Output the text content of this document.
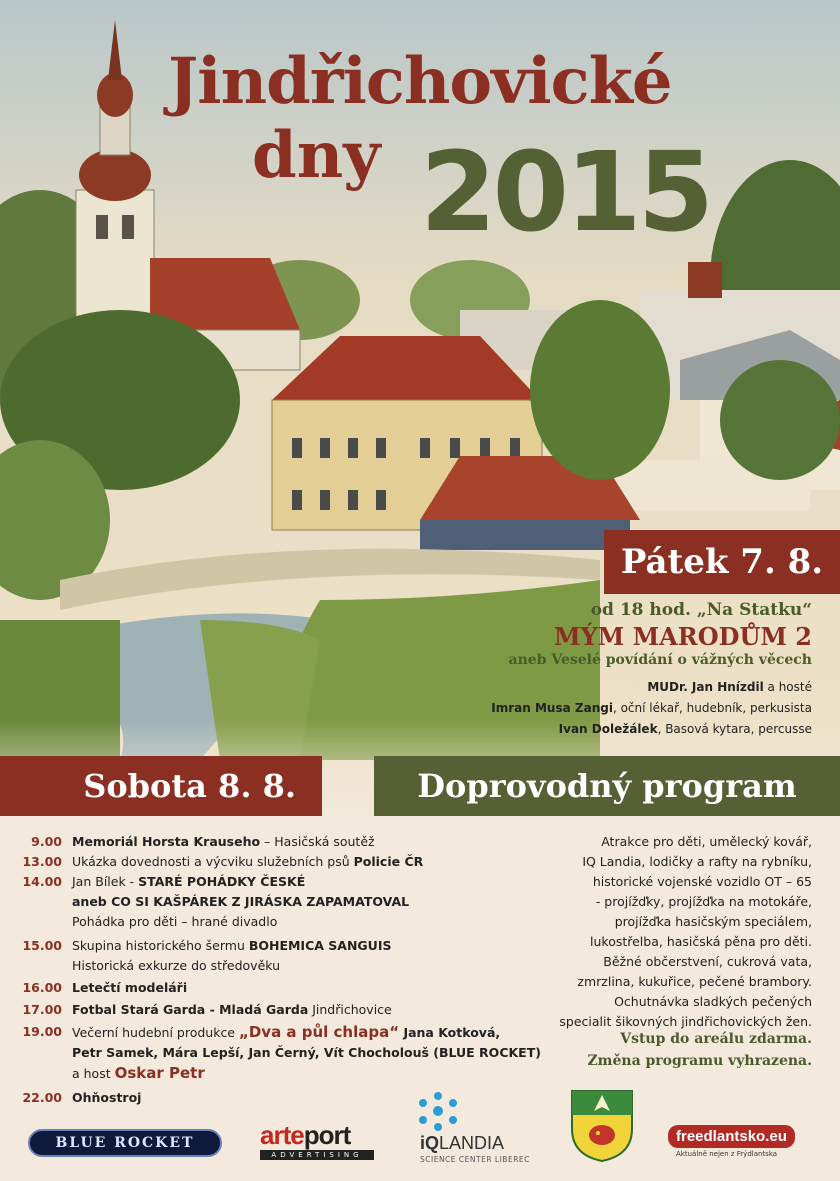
Jindřichovické
dny 2015
Pátek 7. 8.
od 18 hod. „Na Statku“
MÝM MARODŮM 2
aneb Veselé povídání o vážných věcech
MUDr. Jan Hnízdil a hosté
Imran Musa Zangi, oční lékař, hudebník, perkusista
Ivan Doležálek, Basová kytara, percusse
Sobota 8. 8.	Doprovodný program
9.00 Memoriál Horsta Krauseho – Hasičská soutěž
13.00 Ukázka dovednosti a výcviku služebních psů Policie ČR
14.00 Jan Bílek - STARÉ POHÁDKY ČESKÉ
aneb CO SI KAŠPÁREK Z JIRÁSKA ZAPAMATOVAL
Pohádka pro děti – hrané divadlo
15.00 Skupina historického šermu BOHEMICA SANGUIS
Historická exkurze do středověku
16.00 Letečtí modeláři
17.00 Fotbal Stará Garda - Mladá Garda Jindřichovice
19.00 Večerní hudební produkce „Dva a půl chlapa“ Jana Kotková,
Petr Samek, Mára Lepší, Jan Černý, Vít Chocholouš (BLUE ROCKET)
a host Oskar Petr
22.00 Ohňostroj
Atrakce pro děti, umělecký kovář,
IQ Landia, lodičky a rafty na rybníku,
historické vojenské vozidlo OT – 65
- projížďky, projížďka na motokáře,
projížďka hasičským speciálem,
lukostřelba, hasičská pěna pro děti.
Běžné občerstvení, cukrová vata,
zmrzlina, kukuřice, pečené brambory.
Ochutnávka sladkých pečených
specialit šikovných jindřichovických žen.
Vstup do areálu zdarma.
Změna programu vyhrazena.
BLUE ROCKET	arteport
ADVERTISING
iQLANDIA
SCIENCE CENTER LIBEREC
freedlantsko.eu
Aktuálně nejen z Frýdlantska
